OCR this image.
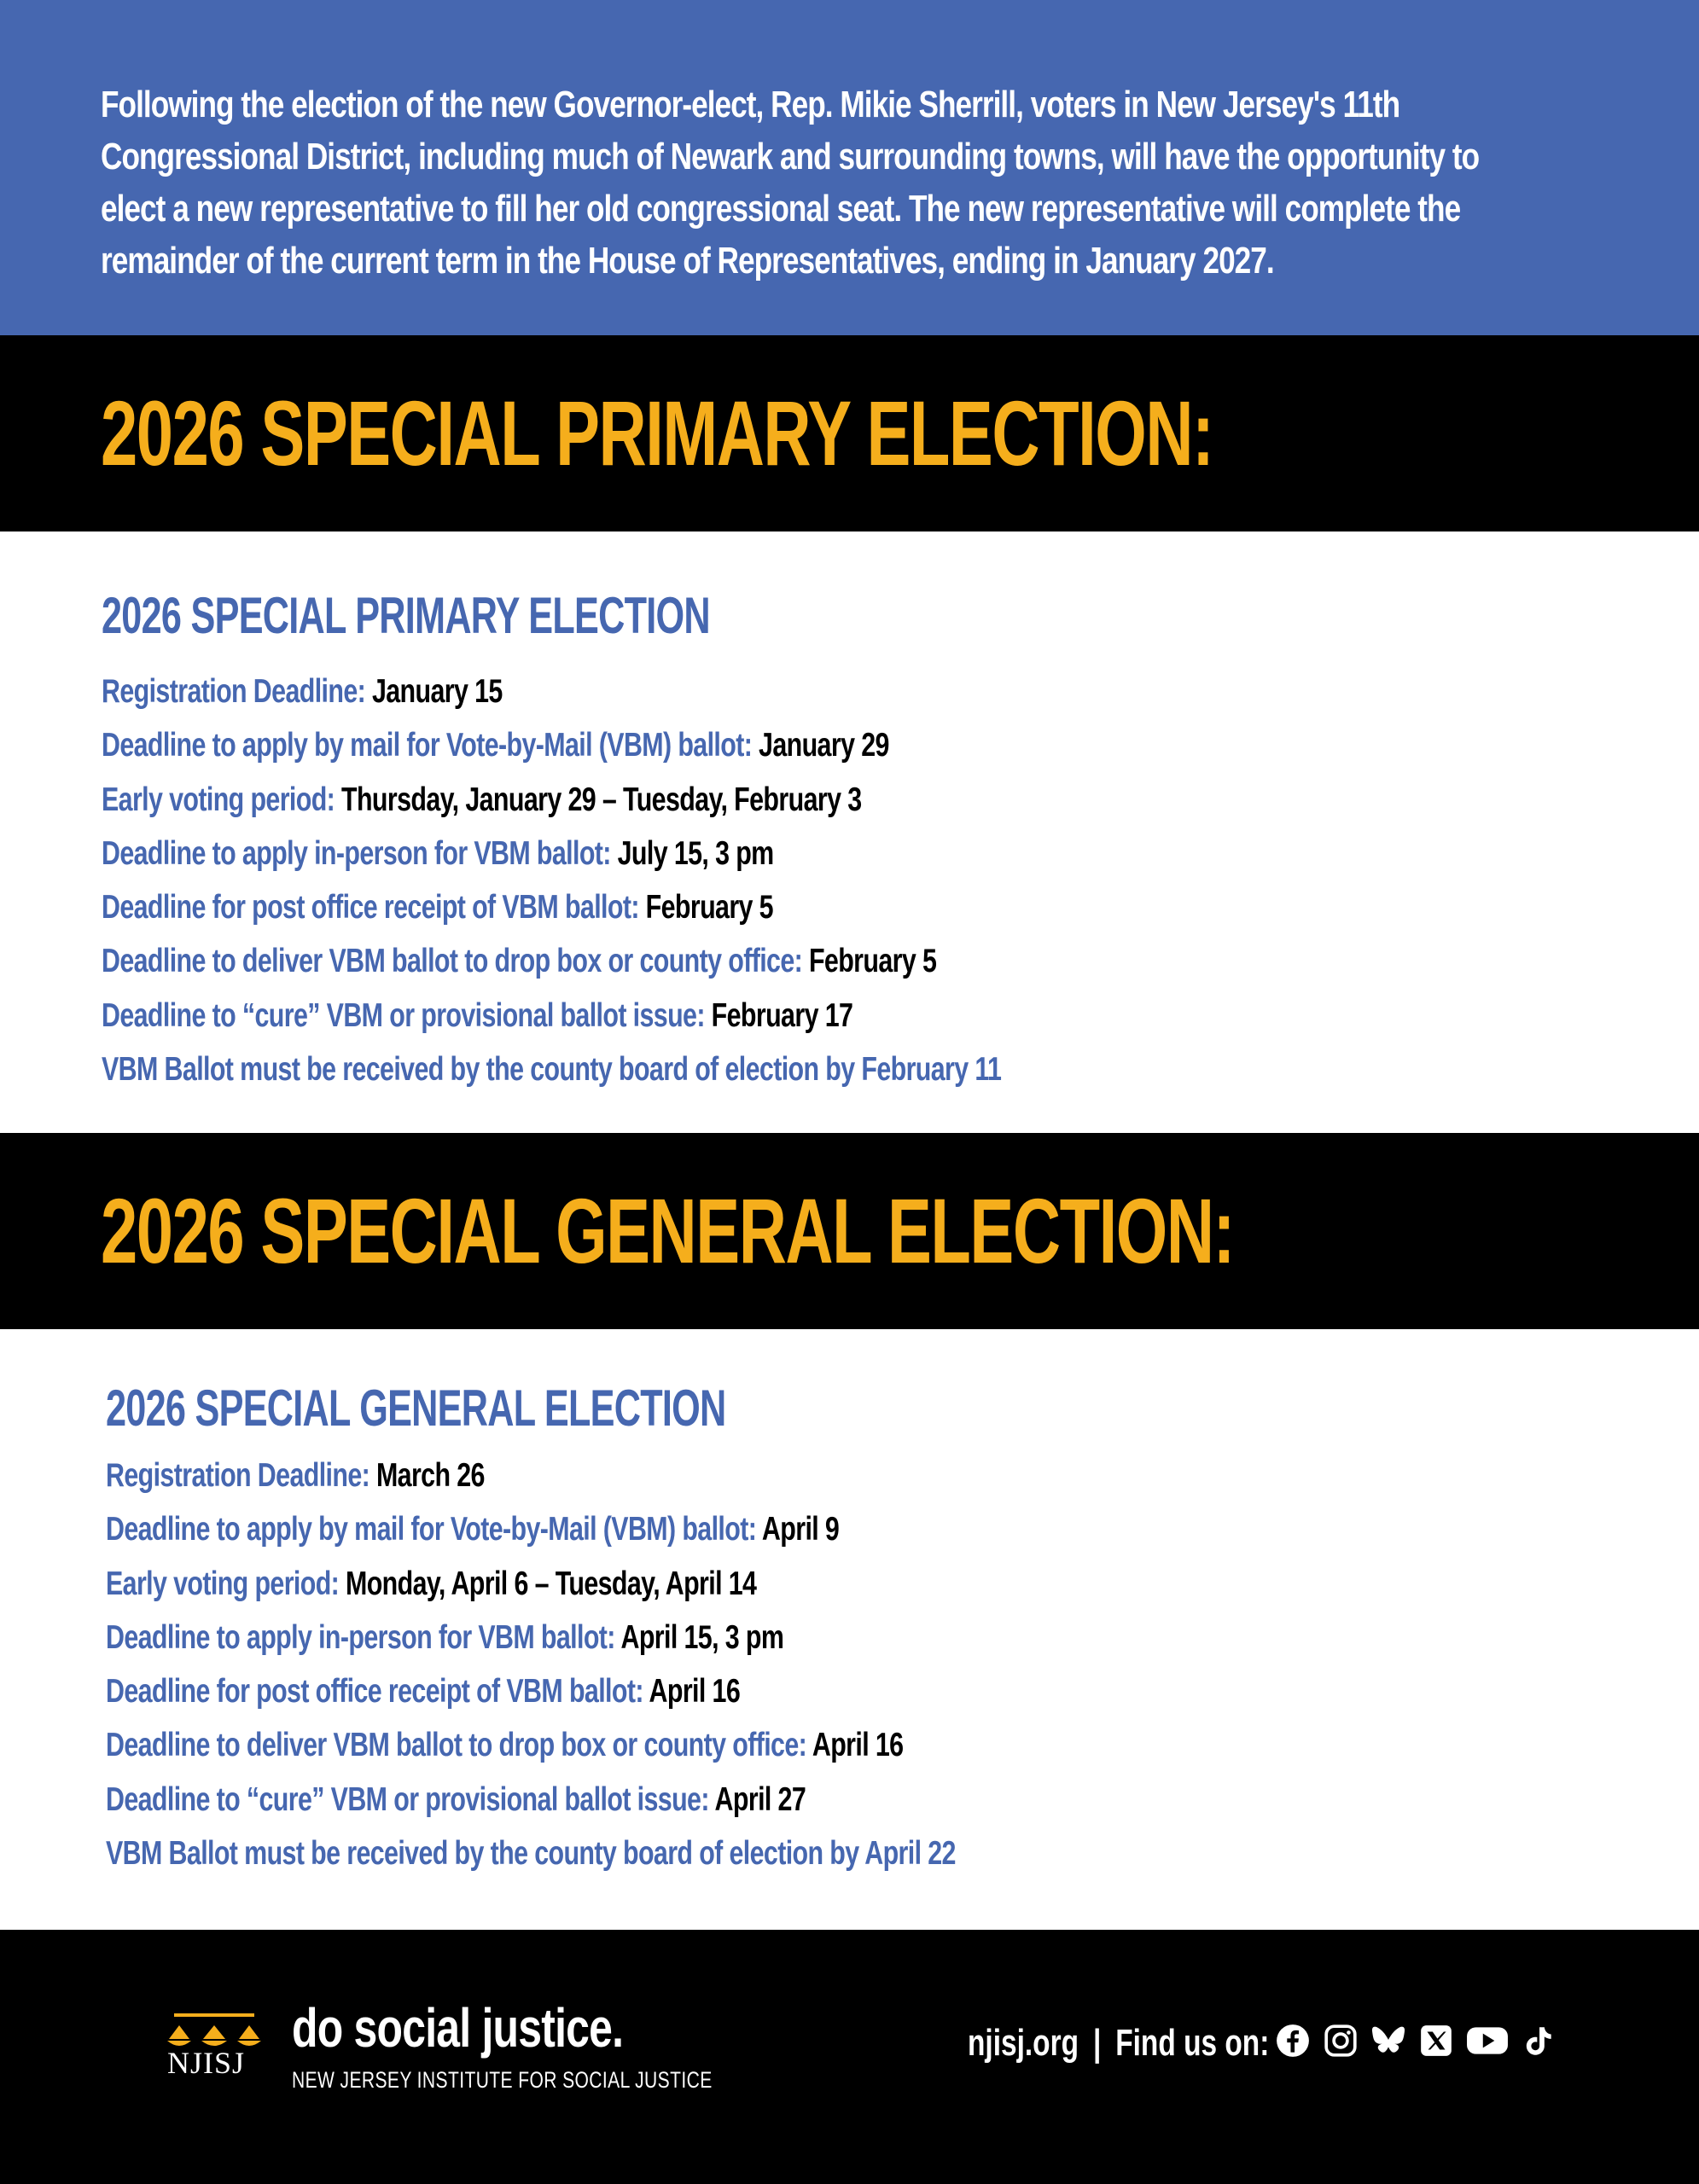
Following the election of the new Governor-elect, Rep. Mikie Sherrill, voters in New Jersey's 11th
Congressional District, including much of Newark and surrounding towns, will have the opportunity to
elect a new representative to fill her old congressional seat. The new representative will complete the
remainder of the current term in the House of Representatives, ending in January 2027.
2026 SPECIAL PRIMARY ELECTION:
2026 SPECIAL PRIMARY ELECTION
Registration Deadline: January 15
Deadline to apply by mail for Vote-by-Mail (VBM) ballot: January 29
Early voting period: Thursday, January 29 – Tuesday, February 3
Deadline to apply in-person for VBM ballot: July 15, 3 pm
Deadline for post office receipt of VBM ballot: February 5
Deadline to deliver VBM ballot to drop box or county office: February 5
Deadline to “cure” VBM or provisional ballot issue: February 17
VBM Ballot must be received by the county board of election by February 11
2026 SPECIAL GENERAL ELECTION:
2026 SPECIAL GENERAL ELECTION
Registration Deadline: March 26
Deadline to apply by mail for Vote-by-Mail (VBM) ballot: April 9
Early voting period: Monday, April 6 – Tuesday, April 14
Deadline to apply in-person for VBM ballot: April 15, 3 pm
Deadline for post office receipt of VBM ballot: April 16
Deadline to deliver VBM ballot to drop box or county office: April 16
Deadline to “cure” VBM or provisional ballot issue: April 27
VBM Ballot must be received by the county board of election by April 22
NJISJ
do social justice.
NEW JERSEY INSTITUTE FOR SOCIAL JUSTICE
njisj.org | Find us on:
